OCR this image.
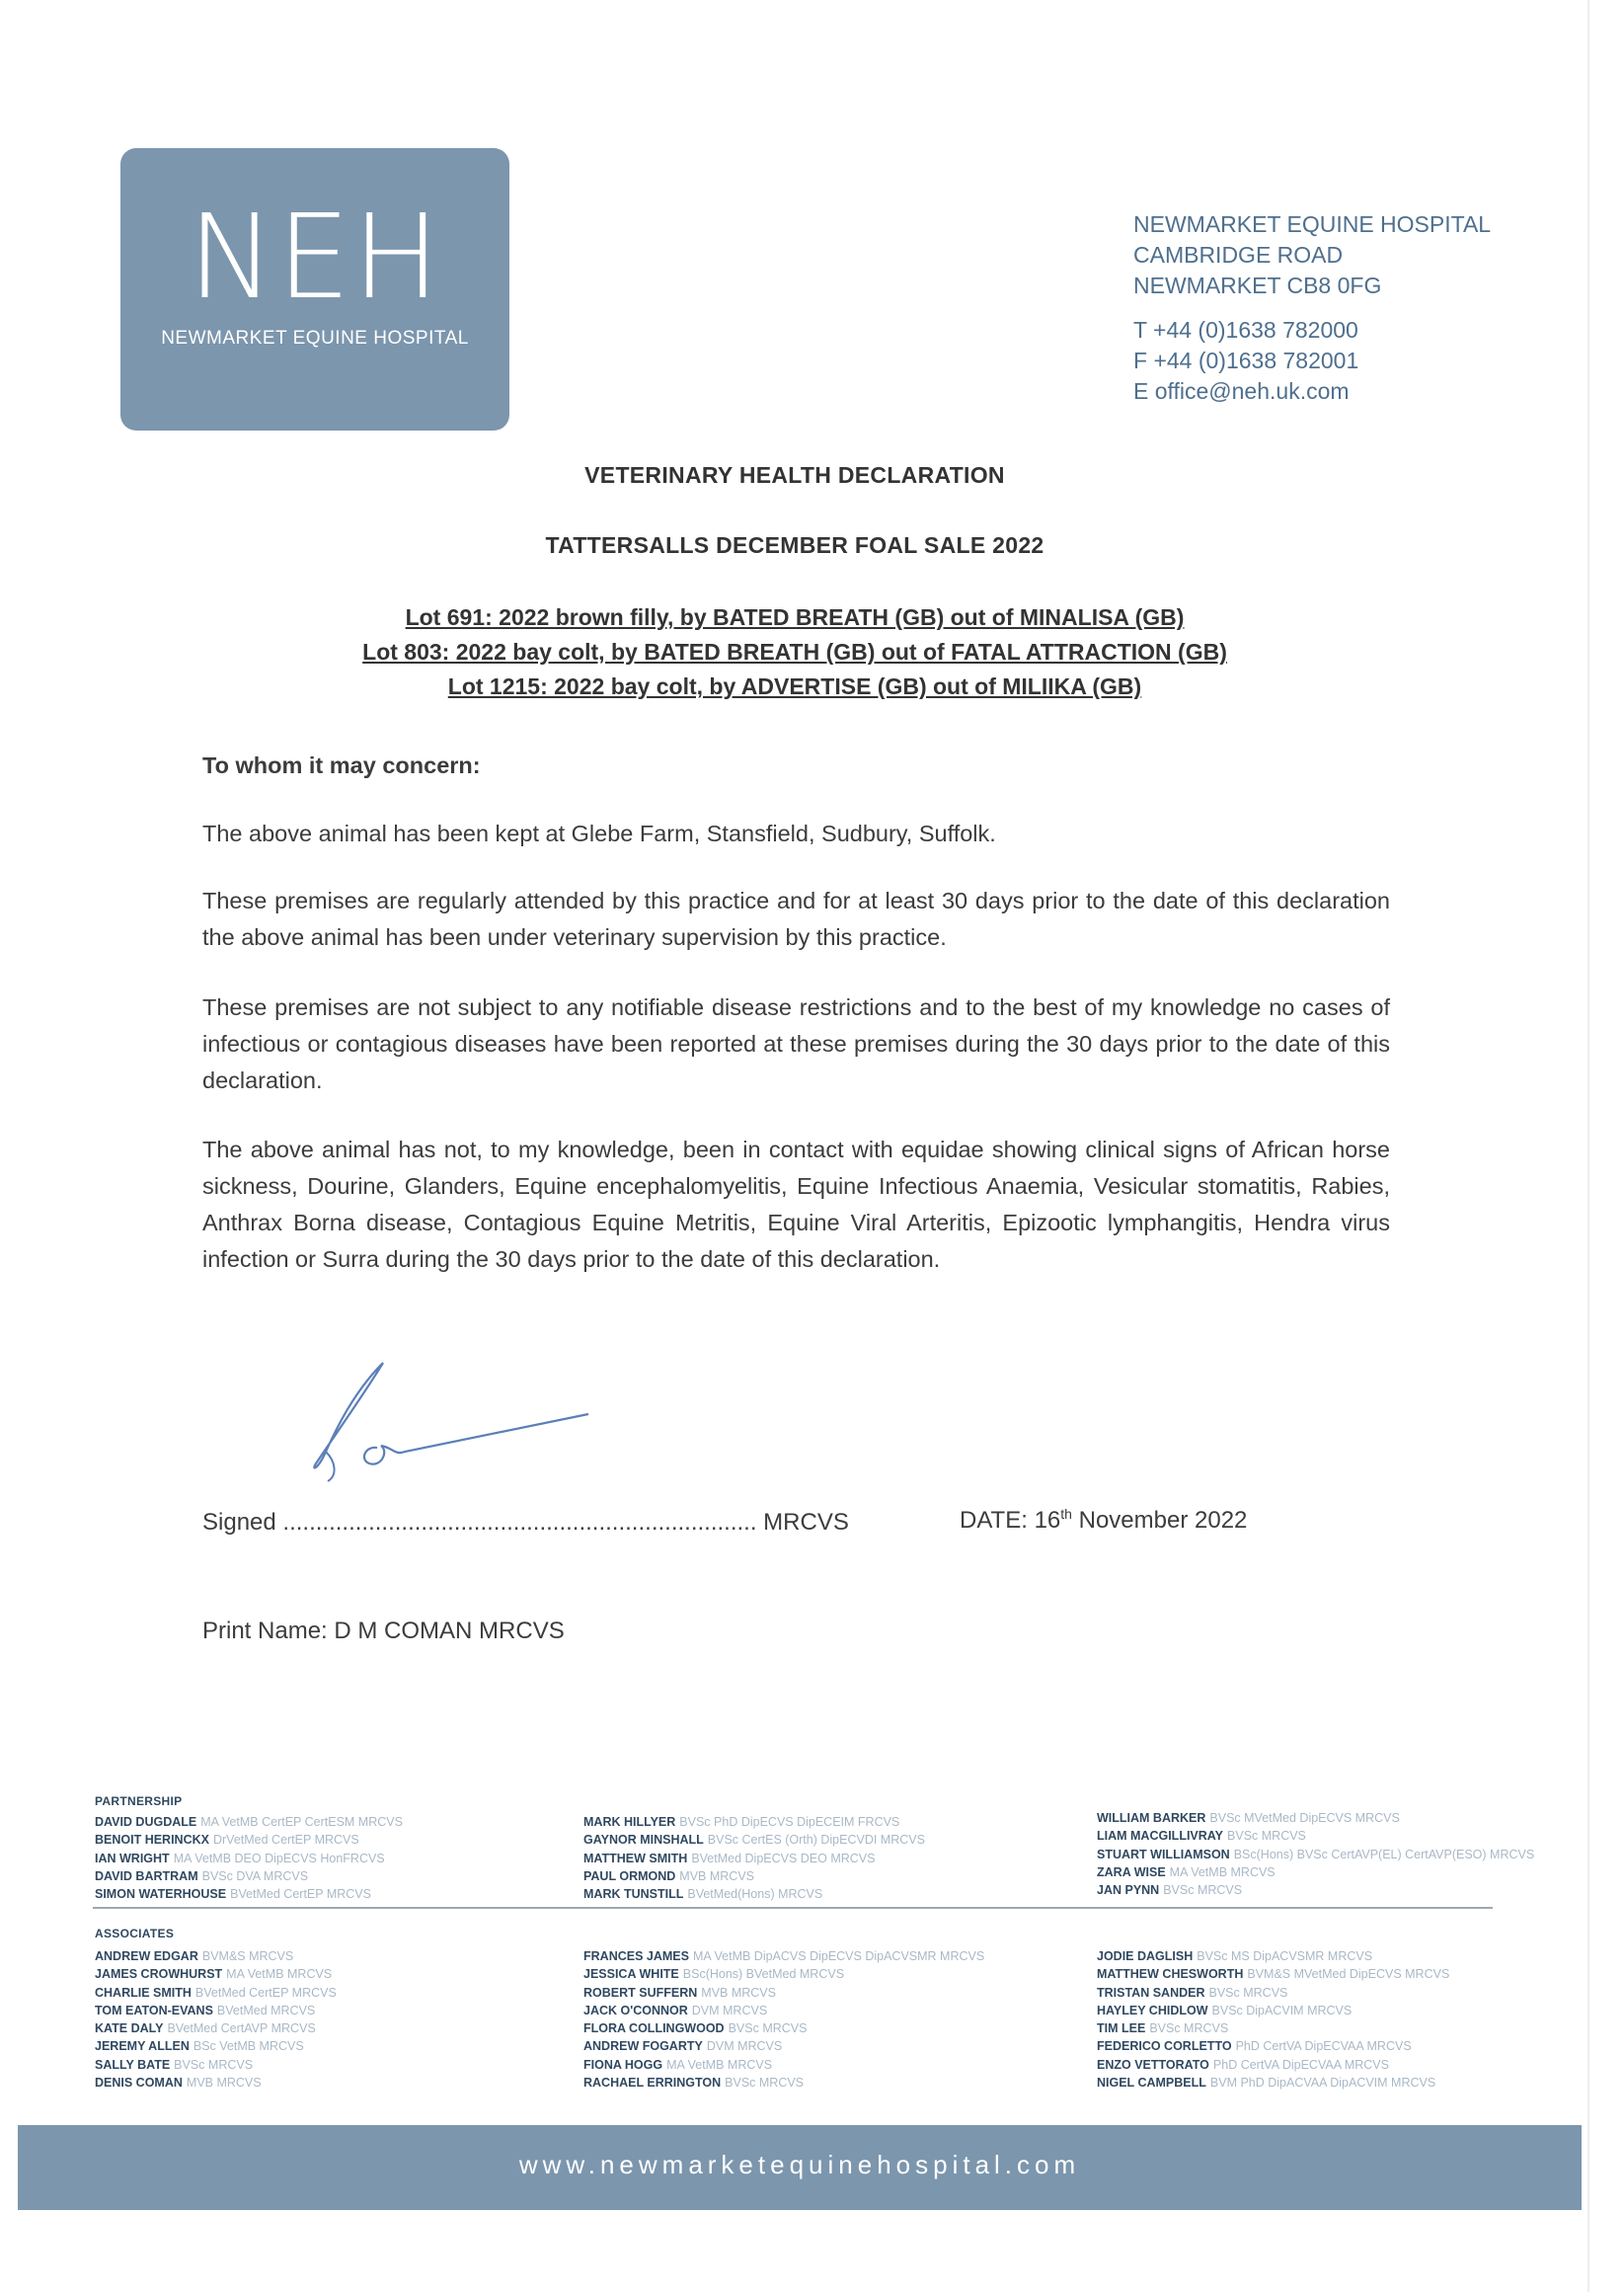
NEH
NEWMARKET EQUINE HOSPITAL
NEWMARKET EQUINE HOSPITAL
CAMBRIDGE ROAD
NEWMARKET CB8 0FG
T +44 (0)1638 782000
F +44 (0)1638 782001
E office@neh.uk.com
VETERINARY HEALTH DECLARATION
TATTERSALLS DECEMBER FOAL SALE 2022
Lot 691: 2022 brown filly, by BATED BREATH (GB) out of MINALISA (GB)
Lot 803: 2022 bay colt, by BATED BREATH (GB) out of FATAL ATTRACTION (GB)
Lot 1215: 2022 bay colt, by ADVERTISE (GB) out of MILIIKA (GB)
To whom it may concern:
The above animal has been kept at Glebe Farm, Stansfield, Sudbury, Suffolk.
These premises are regularly attended by this practice and for at least 30 days prior to the date of this declaration the above animal has been under veterinary supervision by this practice.
These premises are not subject to any notifiable disease restrictions and to the best of my knowledge no cases of infectious or contagious diseases have been reported at these premises during the 30 days prior to the date of this declaration.
The above animal has not, to my knowledge, been in contact with equidae showing clinical signs of African horse sickness, Dourine, Glanders, Equine encephalomyelitis, Equine Infectious Anaemia, Vesicular stomatitis, Rabies, Anthrax Borna disease, Contagious Equine Metritis, Equine Viral Arteritis, Epizootic lymphangitis, Hendra virus infection or Surra during the 30 days prior to the date of this declaration.
Signed ........................................................................ MRCVS	DATE: 16th November 2022
Print Name: D M COMAN MRCVS
PARTNERSHIP
DAVID DUGDALE MA VetMB CertEP CertESM MRCVS
BENOIT HERINCKX DrVetMed CertEP MRCVS
IAN WRIGHT MA VetMB DEO DipECVS HonFRCVS
DAVID BARTRAM BVSc DVA MRCVS
SIMON WATERHOUSE BVetMed CertEP MRCVS
MARK HILLYER BVSc PhD DipECVS DipECEIM FRCVS
GAYNOR MINSHALL BVSc CertES (Orth) DipECVDI MRCVS
MATTHEW SMITH BVetMed DipECVS DEO MRCVS
PAUL ORMOND MVB MRCVS
MARK TUNSTILL BVetMed(Hons) MRCVS
WILLIAM BARKER BVSc MVetMed DipECVS MRCVS
LIAM MACGILLIVRAY BVSc MRCVS
STUART WILLIAMSON BSc(Hons) BVSc CertAVP(EL) CertAVP(ESO) MRCVS
ZARA WISE MA VetMB MRCVS
JAN PYNN BVSc MRCVS
ASSOCIATES
ANDREW EDGAR BVM&S MRCVS
JAMES CROWHURST MA VetMB MRCVS
CHARLIE SMITH BVetMed CertEP MRCVS
TOM EATON-EVANS BVetMed MRCVS
KATE DALY BVetMed CertAVP MRCVS
JEREMY ALLEN BSc VetMB MRCVS
SALLY BATE BVSc MRCVS
DENIS COMAN MVB MRCVS
FRANCES JAMES MA VetMB DipACVS DipECVS DipACVSMR MRCVS
JESSICA WHITE BSc(Hons) BVetMed MRCVS
ROBERT SUFFERN MVB MRCVS
JACK O'CONNOR DVM MRCVS
FLORA COLLINGWOOD BVSc MRCVS
ANDREW FOGARTY DVM MRCVS
FIONA HOGG MA VetMB MRCVS
RACHAEL ERRINGTON BVSc MRCVS
JODIE DAGLISH BVSc MS DipACVSMR MRCVS
MATTHEW CHESWORTH BVM&S MVetMed DipECVS MRCVS
TRISTAN SANDER BVSc MRCVS
HAYLEY CHIDLOW BVSc DipACVIM MRCVS
TIM LEE BVSc MRCVS
FEDERICO CORLETTO PhD CertVA DipECVAA MRCVS
ENZO VETTORATO PhD CertVA DipECVAA MRCVS
NIGEL CAMPBELL BVM PhD DipACVAA DipACVIM MRCVS
www.newmarketequinehospital.com
